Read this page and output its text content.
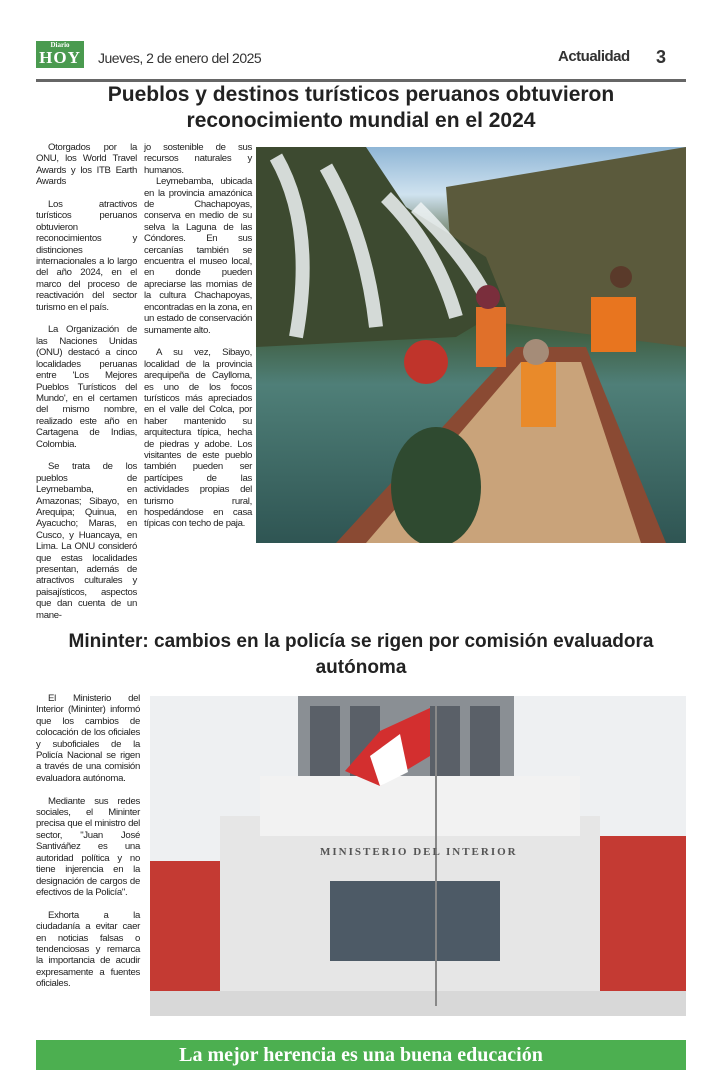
Diario
HOY Jueves, 2 de enero del 2025	Actualidad 3
Pueblos y destinos turísticos peruanos obtuvieron reconocimiento mundial en el 2024

Otorgados por la ONU, los World Travel Awards y los ITB Earth Awards

Los atractivos turísticos peruanos obtuvieron reconocimientos y distinciones internacionales a lo largo del año 2024, en el marco del proceso de reactivación del sector turismo en el país.

La Organización de las Naciones Unidas (ONU) destacó a cinco localidades peruanas entre 'Los Mejores Pueblos Turísticos del Mundo', en el certamen del mismo nombre, realizado este año en Cartagena de Indias, Colombia.

Se trata de los pueblos de Leymebamba, en Amazonas; Sibayo, en Arequipa; Quinua, en Ayacucho; Maras, en Cusco, y Huancaya, en Lima. La ONU consideró que estas localidades presentan, además de atractivos culturales y paisajísticos, aspectos que dan cuenta de un mane-

jo sostenible de sus recursos naturales y humanos.

Leymebamba, ubicada en la provincia amazónica de Chachapoyas, conserva en medio de su selva la Laguna de las Cóndores. En sus cercanías también se encuentra el museo local, en donde pueden apreciarse las momias de la cultura Chachapoyas, encontradas en la zona, en un estado de conservación sumamente alto.

A su vez, Sibayo, localidad de la provincia arequipeña de Caylloma, es uno de los focos turísticos más apreciados en el valle del Colca, por haber mantenido su arquitectura típica, hecha de piedras y adobe. Los visitantes de este pueblo también pueden ser partícipes de las actividades propias del turismo rural, hospedándose en casa típicas con techo de paja.

Mininter: cambios en la policía se rigen por comisión evaluadora autónoma

El Ministerio del Interior (Mininter) informó que los cambios de colocación de los oficiales y suboficiales de la Policía Nacional se rigen a través de una comisión evaluadora autónoma.

Mediante sus redes sociales, el Mininter precisa que el ministro del sector, "Juan José Santiváñez es una autoridad política y no tiene injerencia en la designación de cargos de efectivos de la Policía".

Exhorta a la ciudadanía a evitar caer en noticias falsas o tendenciosas y remarca la importancia de acudir expresamente a fuentes oficiales.

MINISTERIO DEL INTERIOR
La mejor herencia es una buena educación
